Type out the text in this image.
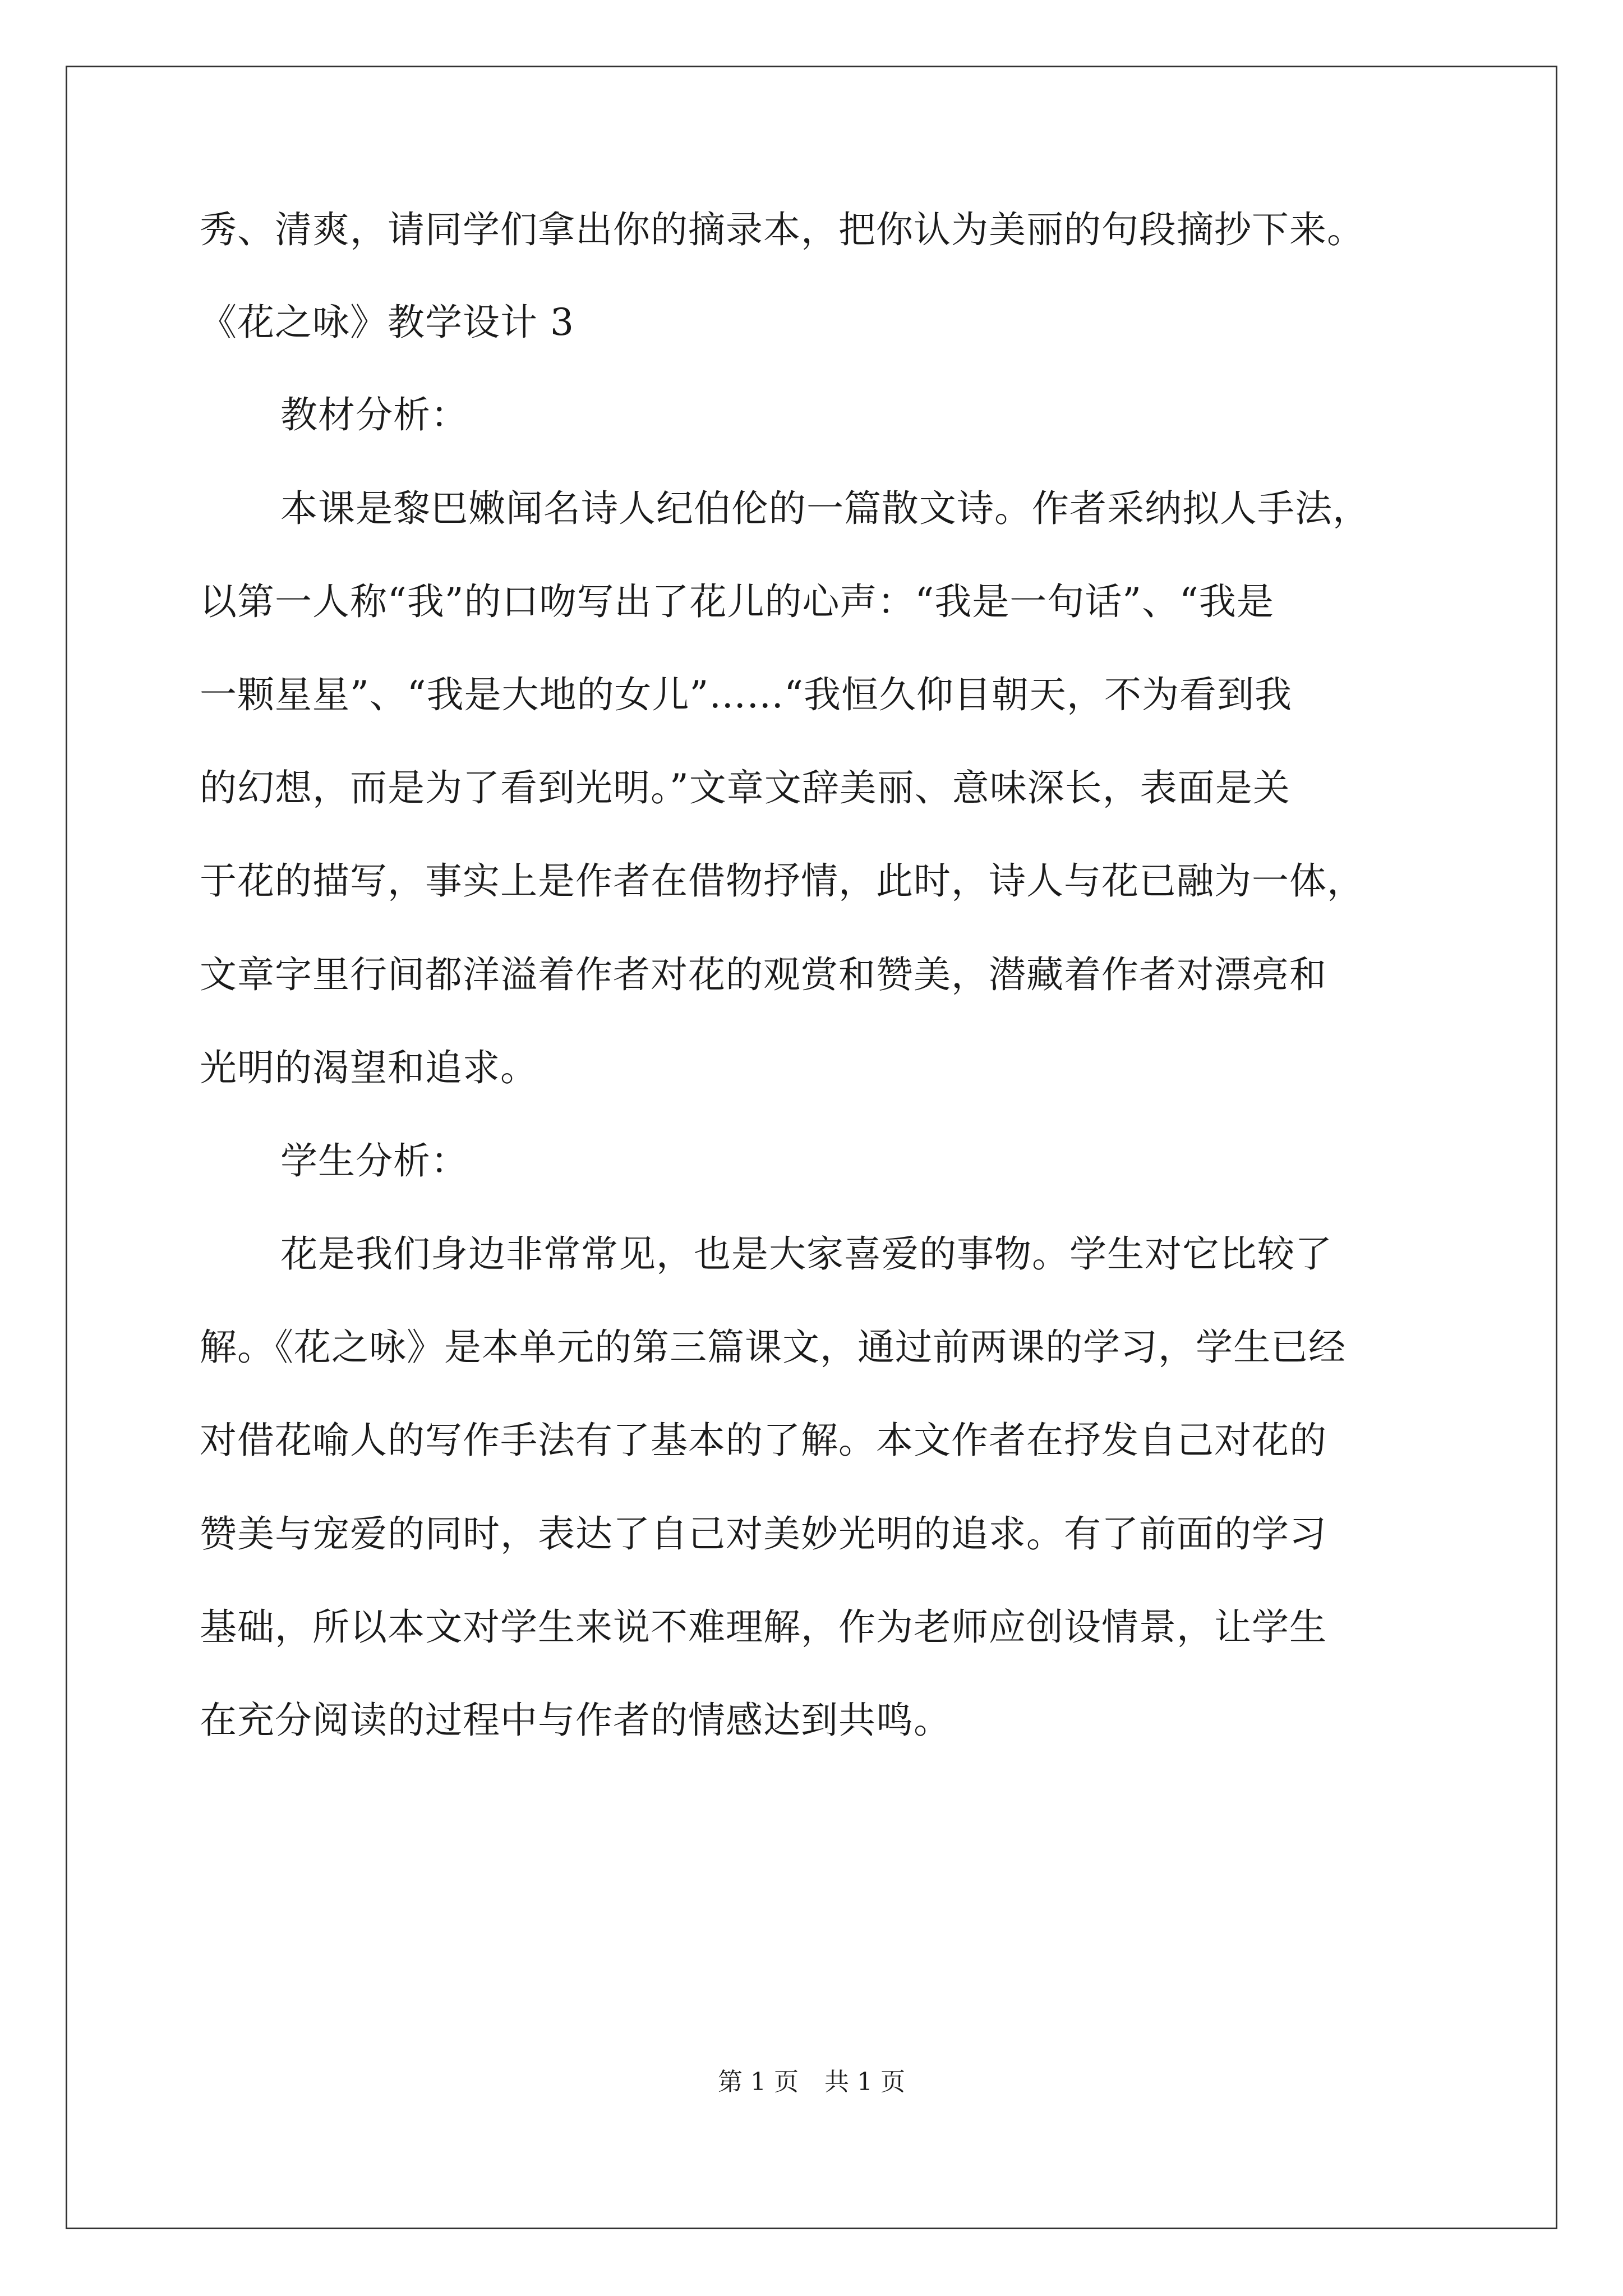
秀、清爽，请同学们拿出你的摘录本，把你认为美丽的句段摘抄下来。
《花之咏》教学设计 3
教材分析：
本课是黎巴嫩闻名诗人纪伯伦的一篇散文诗。作者采纳拟人手法，
以第一人称“我”的口吻写出了花儿的心声：“我是一句话”、“我是
一颗星星”、“我是大地的女儿”……“我恒久仰目朝天，不为看到我
的幻想，而是为了看到光明。”文章文辞美丽、意味深长，表面是关
于花的描写，事实上是作者在借物抒情，此时，诗人与花已融为一体，
文章字里行间都洋溢着作者对花的观赏和赞美，潜藏着作者对漂亮和
光明的渴望和追求。
学生分析：
花是我们身边非常常见，也是大家喜爱的事物。学生对它比较了
解。《花之咏》是本单元的第三篇课文，通过前两课的学习，学生已经
对借花喻人的写作手法有了基本的了解。本文作者在抒发自己对花的
赞美与宠爱的同时，表达了自己对美妙光明的追求。有了前面的学习
基础，所以本文对学生来说不难理解，作为老师应创设情景，让学生
在充分阅读的过程中与作者的情感达到共鸣。
第 1 页 共 1 页
